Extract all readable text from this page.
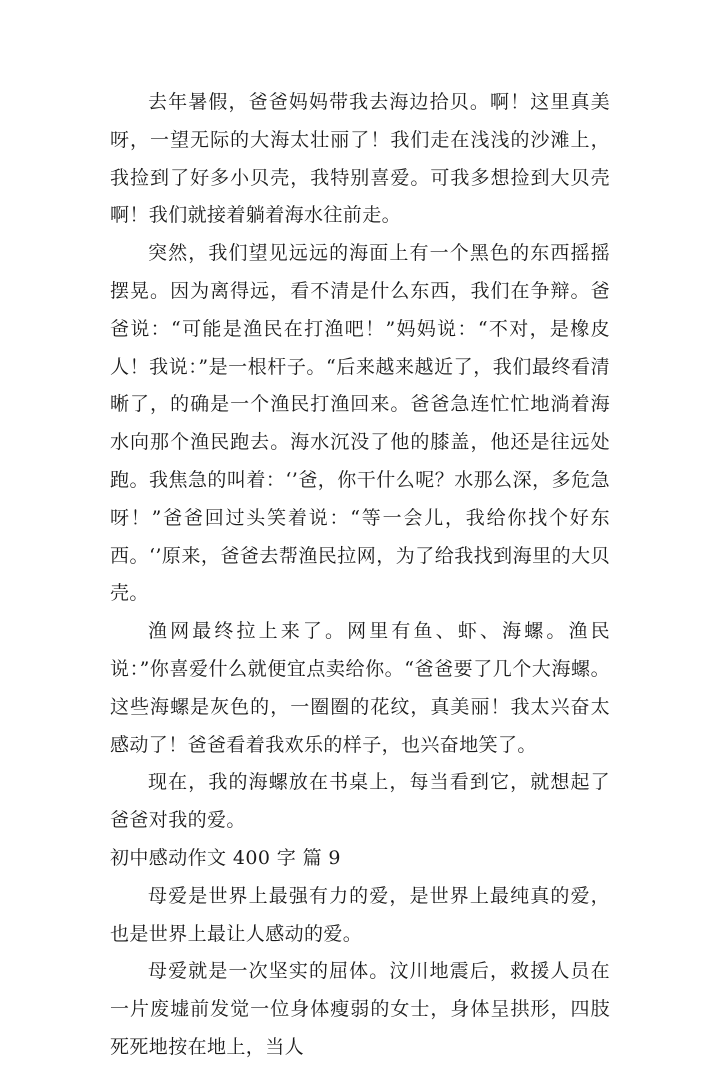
去年暑假，爸爸妈妈带我去海边拾贝。啊！这里真美呀，一望无际的大海太壮丽了！我们走在浅浅的沙滩上，我捡到了好多小贝壳，我特别喜爱。可我多想捡到大贝壳啊！我们就接着躺着海水往前走。

突然，我们望见远远的海面上有一个黑色的东西摇摇摆晃。因为离得远，看不清是什么东西，我们在争辩。爸爸说：“可能是渔民在打渔吧！”妈妈说：“不对，是橡皮人！我说：”是一根杆子。“后来越来越近了，我们最终看清晰了，的确是一个渔民打渔回来。爸爸急连忙忙地淌着海水向那个渔民跑去。海水沉没了他的膝盖，他还是往远处跑。我焦急的叫着：‘’爸，你干什么呢？水那么深，多危急呀！”爸爸回过头笑着说：“等一会儿，我给你找个好东西。‘’原来，爸爸去帮渔民拉网，为了给我找到海里的大贝壳。

渔网最终拉上来了。网里有鱼、虾、海螺。渔民说：”你喜爱什么就便宜点卖给你。“爸爸要了几个大海螺。这些海螺是灰色的，一圈圈的花纹，真美丽！我太兴奋太感动了！爸爸看着我欢乐的样子，也兴奋地笑了。

现在，我的海螺放在书桌上，每当看到它，就想起了爸爸对我的爱。

初中感动作文 400 字 篇 9

母爱是世界上最强有力的爱，是世界上最纯真的爱，也是世界上最让人感动的爱。

母爱就是一次坚实的屈体。汶川地震后，救援人员在一片废墟前发觉一位身体瘦弱的女士，身体呈拱形，四肢死死地按在地上，当人
